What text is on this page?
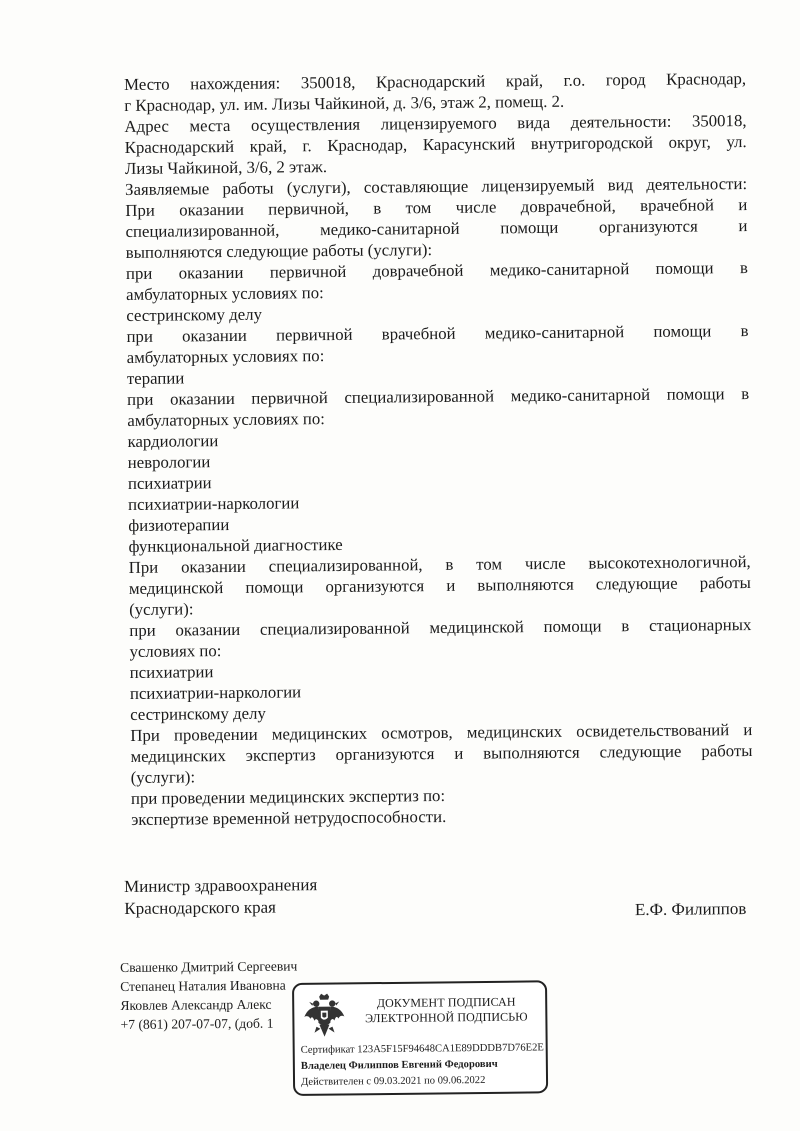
Место нахождения: 350018, Краснодарский край, г.о. город Краснодар,
г Краснодар, ул. им. Лизы Чайкиной, д. 3/6, этаж 2, помещ. 2.
Адрес места осуществления лицензируемого вида деятельности: 350018,
Краснодарский край, г. Краснодар, Карасунский внутригородской округ, ул.
Лизы Чайкиной, 3/6, 2 этаж.
Заявляемые работы (услуги), составляющие лицензируемый вид деятельности:
При оказании первичной, в том числе доврачебной, врачебной и
специализированной, медико-санитарной помощи организуются и
выполняются следующие работы (услуги):
при оказании первичной доврачебной медико-санитарной помощи в
амбулаторных условиях по:
сестринскому делу
при оказании первичной врачебной медико-санитарной помощи в
амбулаторных условиях по:
терапии
при оказании первичной специализированной медико-санитарной помощи в
амбулаторных условиях по:
кардиологии
неврологии
психиатрии
психиатрии-наркологии
физиотерапии
функциональной диагностике
При оказании специализированной, в том числе высокотехнологичной,
медицинской помощи организуются и выполняются следующие работы
(услуги):
при оказании специализированной медицинской помощи в стационарных
условиях по:
психиатрии
психиатрии-наркологии
сестринскому делу
При проведении медицинских осмотров, медицинских освидетельствований и
медицинских экспертиз организуются и выполняются следующие работы
(услуги):
при проведении медицинских экспертиз по:
экспертизе временной нетрудоспособности.
Министр здравоохранения
Краснодарского края	Е.Ф. Филиппов
Свашенко Дмитрий Сергеевич
Степанец Наталия Ивановна
Яковлев Александр Алекс
+7 (861) 207-07-07, (доб. 1
ДОКУМЕНТ ПОДПИСАН
ЭЛЕКТРОННОЙ ПОДПИСЬЮ
Сертификат 123A5F15F94648CA1E89DDDB7D76E2E
Владелец Филиппов Евгений Федорович
Действителен с 09.03.2021 по 09.06.2022
